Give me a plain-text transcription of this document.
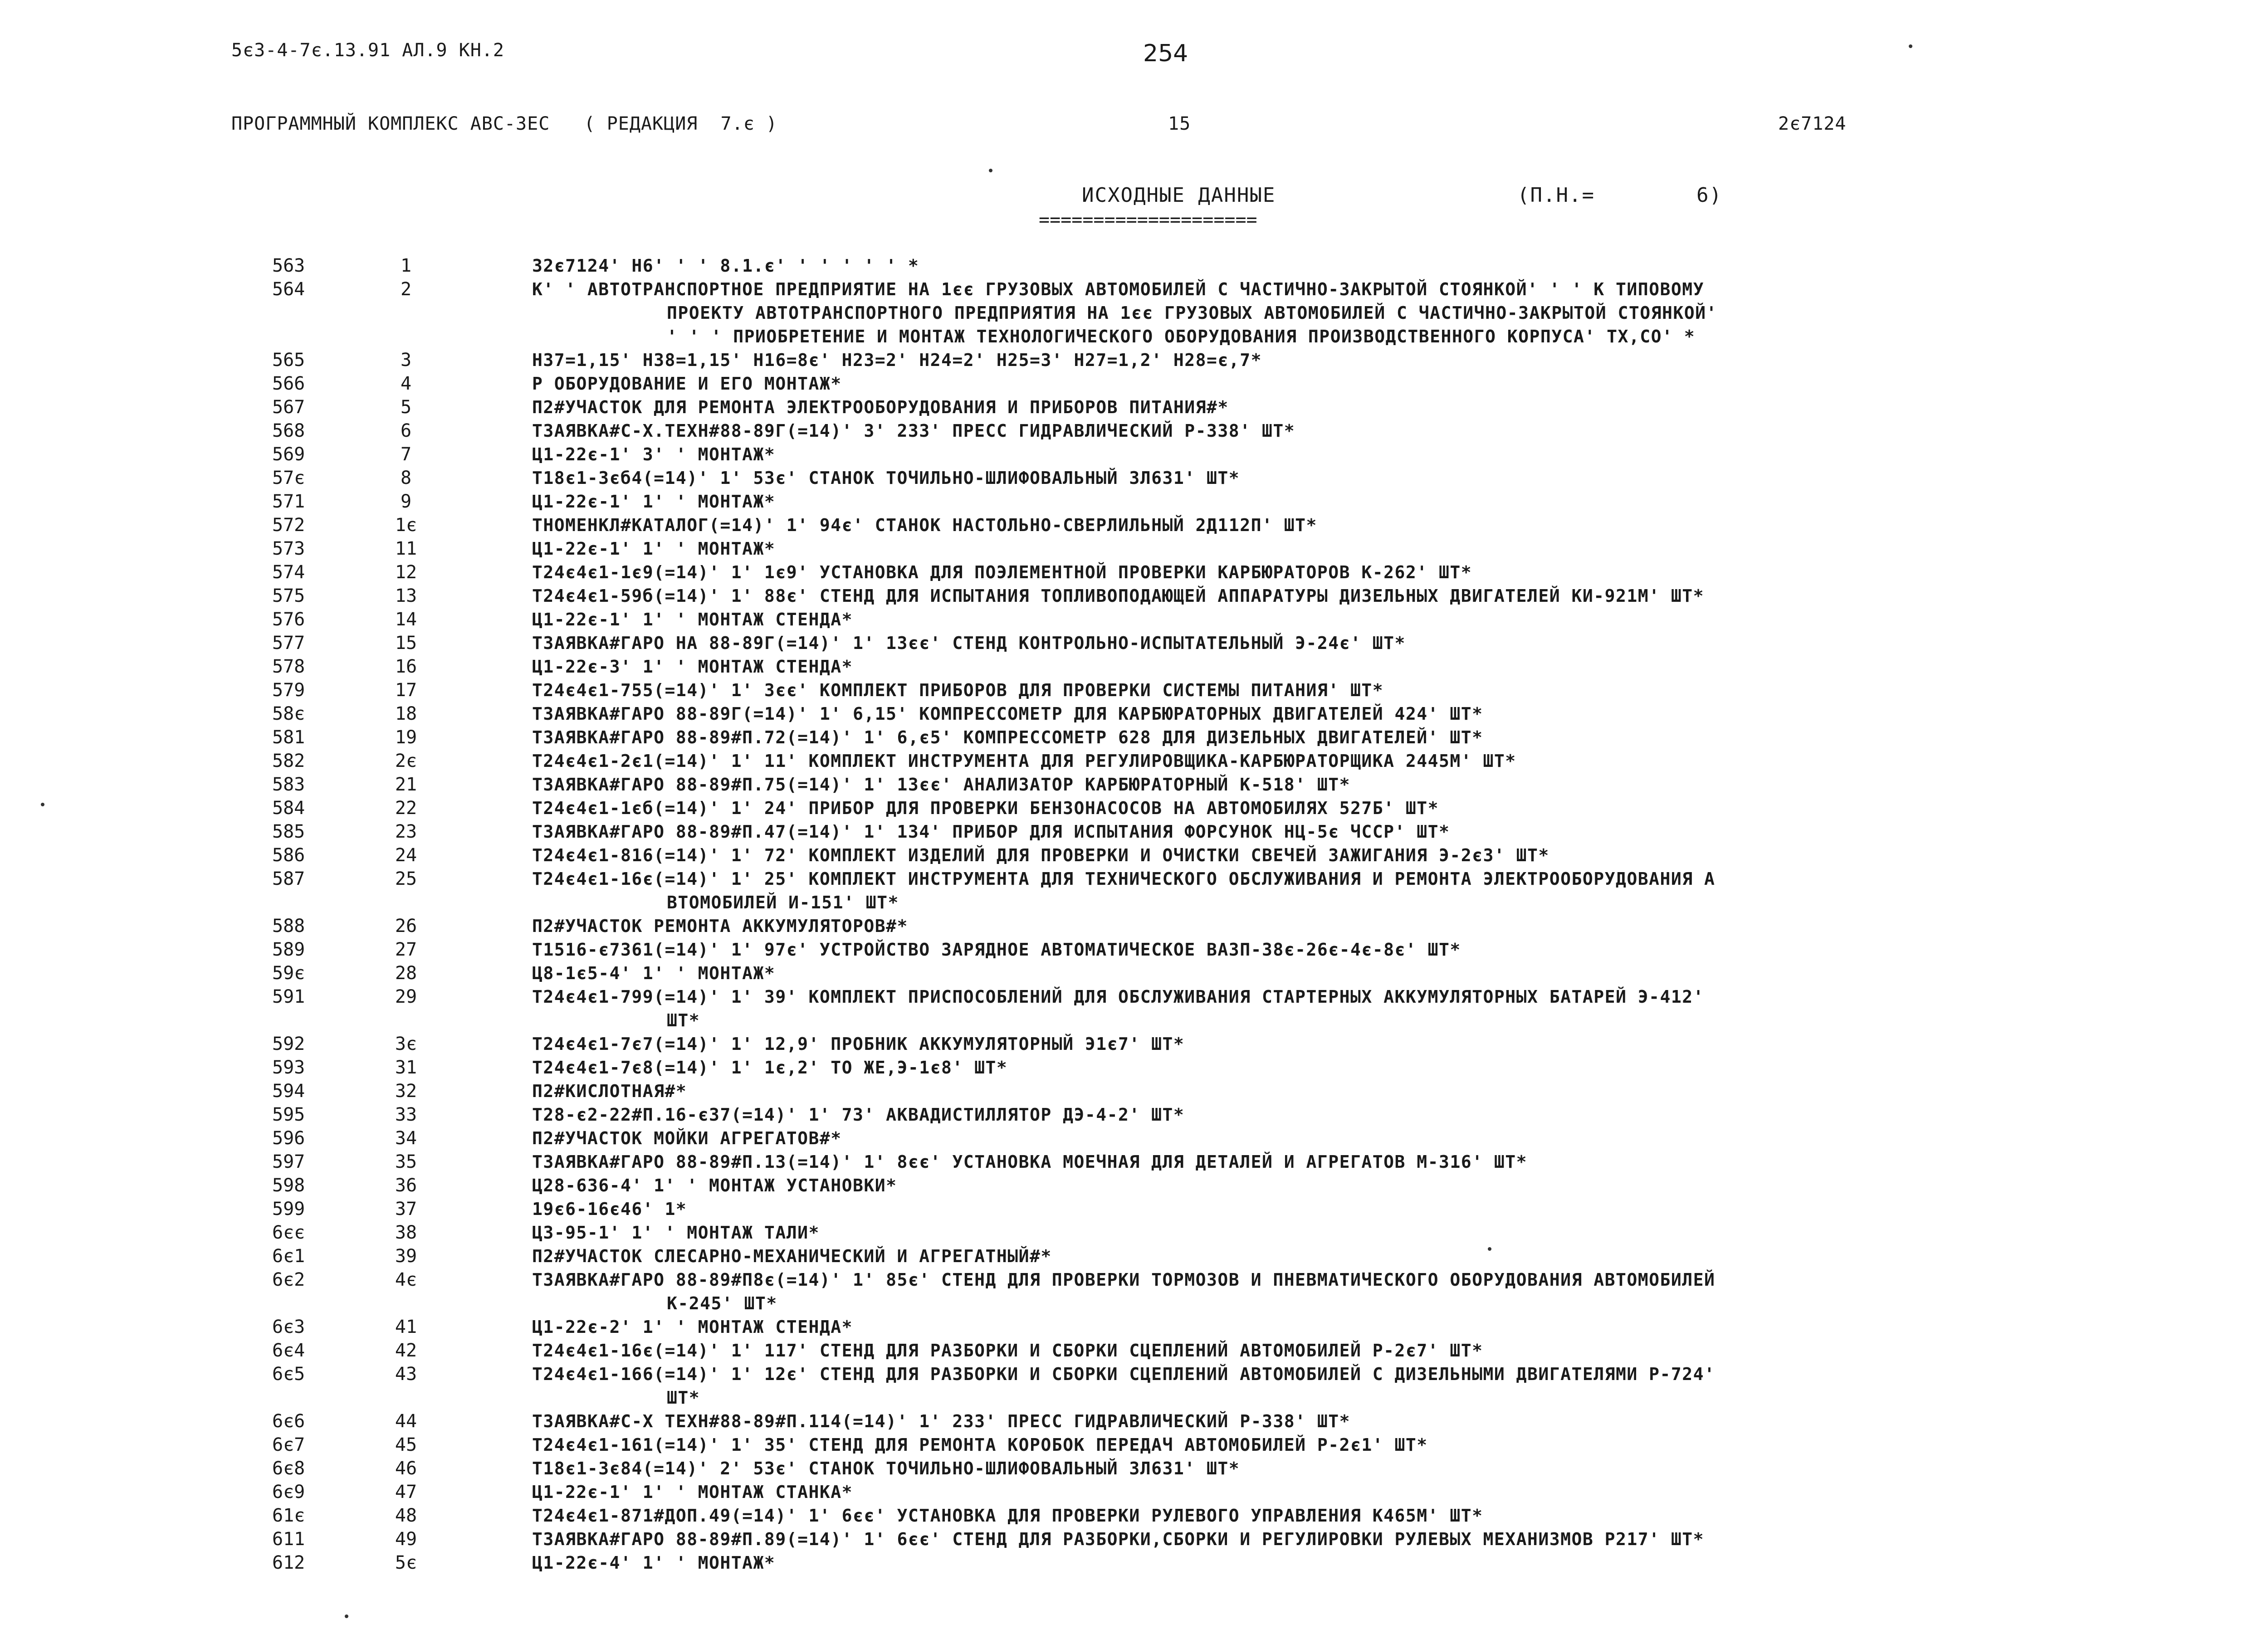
5є3-4-7є.13.91 АЛ.9 КН.2	254
ПРОГРАММНЫЙ КОМПЛЕКС АВС-3ЕС   ( РЕДАКЦИЯ  7.є )	15	2є7124
ИСХОДНЫЕ ДАННЫЕ
====================
(П.Н.=	6)
563	1	32є7124' Н6' ' ' 8.1.є' ' ' ' ' ' *
564	2	К' ' АВТОТРАНСПОРТНОЕ ПРЕДПРИЯТИЕ НА 1єє ГРУЗОВЫХ АВТОМОБИЛЕЙ С ЧАСТИЧНО-ЗАКРЫТОЙ СТОЯНКОЙ' ' ' К ТИПОВОМУ
ПРОЕКТУ АВТОТРАНСПОРТНОГО ПРЕДПРИЯТИЯ НА 1єє ГРУЗОВЫХ АВТОМОБИЛЕЙ С ЧАСТИЧНО-ЗАКРЫТОЙ СТОЯНКОЙ'
' ' ' ПРИОБРЕТЕНИЕ И МОНТАЖ ТЕХНОЛОГИЧЕСКОГО ОБОРУДОВАНИЯ ПРОИЗВОДСТВЕННОГО КОРПУСА' ТХ,СО' *
565	3	Н37=1,15' Н38=1,15' Н16=8є' Н23=2' Н24=2' Н25=3' Н27=1,2' Н28=є,7*
566	4	Р ОБОРУДОВАНИЕ И ЕГО МОНТАЖ*
567	5	П2#УЧАСТОК ДЛЯ РЕМОНТА ЭЛЕКТРООБОРУДОВАНИЯ И ПРИБОРОВ ПИТАНИЯ#*
568	6	Т3АЯВКА#С-Х.ТЕХН#88-89Г(=14)' 3' 233' ПРЕСС ГИДРАВЛИЧЕСКИЙ Р-338' ШТ*
569	7	Ц1-22є-1' 3' ' МОНТАЖ*
57є	8	Т18є1-3єб4(=14)' 1' 53є' СТАНОК ТОЧИЛЬНО-ШЛИФОВАЛЬНЫЙ 3Л631' ШТ*
571	9	Ц1-22є-1' 1' ' МОНТАЖ*
572	1є	ТНОМЕНКЛ#КАТАЛОГ(=14)' 1' 94є' СТАНОК НАСТОЛЬНО-СВЕРЛИЛЬНЫЙ 2Д112П' ШТ*
573	11	Ц1-22є-1' 1' ' МОНТАЖ*
574	12	Т24є4є1-1є9(=14)' 1' 1є9' УСТАНОВКА ДЛЯ ПОЭЛЕМЕНТНОЙ ПРОВЕРКИ КАРБЮРАТОРОВ К-262' ШТ*
575	13	Т24є4є1-59б(=14)' 1' 88є' СТЕНД ДЛЯ ИСПЫТАНИЯ ТОПЛИВОПОДАЮЩЕЙ АППАРАТУРЫ ДИЗЕЛЬНЫХ ДВИГАТЕЛЕЙ КИ-921М' ШТ*
576	14	Ц1-22є-1' 1' ' МОНТАЖ СТЕНДА*
577	15	Т3АЯВКА#ГАРО НА 88-89Г(=14)' 1' 13єє' СТЕНД КОНТРОЛЬНО-ИСПЫТАТЕЛЬНЫЙ Э-24є' ШТ*
578	16	Ц1-22є-3' 1' ' МОНТАЖ СТЕНДА*
579	17	Т24є4є1-755(=14)' 1' 3єє' КОМПЛЕКТ ПРИБОРОВ ДЛЯ ПРОВЕРКИ СИСТЕМЫ ПИТАНИЯ' ШТ*
58є	18	Т3АЯВКА#ГАРО 88-89Г(=14)' 1' 6,15' КОМПРЕССОМЕТР ДЛЯ КАРБЮРАТОРНЫХ ДВИГАТЕЛЕЙ 424' ШТ*
581	19	Т3АЯВКА#ГАРО 88-89#П.72(=14)' 1' 6,є5' КОМПРЕССОМЕТР 628 ДЛЯ ДИЗЕЛЬНЫХ ДВИГАТЕЛЕЙ' ШТ*
582	2є	Т24є4є1-2є1(=14)' 1' 11' КОМПЛЕКТ ИНСТРУМЕНТА ДЛЯ РЕГУЛИРОВЩИКА-КАРБЮРАТОРЩИКА 2445М' ШТ*
583	21	Т3АЯВКА#ГАРО 88-89#П.75(=14)' 1' 13єє' АНАЛИЗАТОР КАРБЮРАТОРНЫЙ К-518' ШТ*
584	22	Т24є4є1-1єб(=14)' 1' 24' ПРИБОР ДЛЯ ПРОВЕРКИ БЕНЗОНАСОСОВ НА АВТОМОБИЛЯХ 527Б' ШТ*
585	23	Т3АЯВКА#ГАРО 88-89#П.47(=14)' 1' 134' ПРИБОР ДЛЯ ИСПЫТАНИЯ ФОРСУНОК НЦ-5є ЧССР' ШТ*
586	24	Т24є4є1-816(=14)' 1' 72' КОМПЛЕКТ ИЗДЕЛИЙ ДЛЯ ПРОВЕРКИ И ОЧИСТКИ СВЕЧЕЙ ЗАЖИГАНИЯ Э-2є3' ШТ*
587	25	Т24є4є1-16є(=14)' 1' 25' КОМПЛЕКТ ИНСТРУМЕНТА ДЛЯ ТЕХНИЧЕСКОГО ОБСЛУЖИВАНИЯ И РЕМОНТА ЭЛЕКТРООБОРУДОВАНИЯ А
ВТОМОБИЛЕЙ И-151' ШТ*
588	26	П2#УЧАСТОК РЕМОНТА АККУМУЛЯТОРОВ#*
589	27	Т1516-є7361(=14)' 1' 97є' УСТРОЙСТВО ЗАРЯДНОЕ АВТОМАТИЧЕСКОЕ ВАЗП-38є-26є-4є-8є' ШТ*
59є	28	Ц8-1є5-4' 1' ' МОНТАЖ*
591	29	Т24є4є1-799(=14)' 1' 39' КОМПЛЕКТ ПРИСПОСОБЛЕНИЙ ДЛЯ ОБСЛУЖИВАНИЯ СТАРТЕРНЫХ АККУМУЛЯТОРНЫХ БАТАРЕЙ Э-412'
ШТ*
592	3є	Т24є4є1-7є7(=14)' 1' 12,9' ПРОБНИК АККУМУЛЯТОРНЫЙ Э1є7' ШТ*
593	31	Т24є4є1-7є8(=14)' 1' 1є,2' ТО ЖЕ,Э-1є8' ШТ*
594	32	П2#КИСЛОТНАЯ#*
595	33	Т28-є2-22#П.16-є37(=14)' 1' 73' АКВАДИСТИЛЛЯТОР ДЭ-4-2' ШТ*
596	34	П2#УЧАСТОК МОЙКИ АГРЕГАТОВ#*
597	35	Т3АЯВКА#ГАРО 88-89#П.13(=14)' 1' 8єє' УСТАНОВКА МОЕЧНАЯ ДЛЯ ДЕТАЛЕЙ И АГРЕГАТОВ М-316' ШТ*
598	36	Ц28-636-4' 1' ' МОНТАЖ УСТАНОВКИ*
599	37	19є6-16є46' 1*
6єє	38	Ц3-95-1' 1' ' МОНТАЖ ТАЛИ*
6є1	39	П2#УЧАСТОК СЛЕСАРНО-МЕХАНИЧЕСКИЙ И АГРЕГАТНЫЙ#*
6є2	4є	Т3АЯВКА#ГАРО 88-89#П8є(=14)' 1' 85є' СТЕНД ДЛЯ ПРОВЕРКИ ТОРМОЗОВ И ПНЕВМАТИЧЕСКОГО ОБОРУДОВАНИЯ АВТОМОБИЛЕЙ
К-245' ШТ*
6є3	41	Ц1-22є-2' 1' ' МОНТАЖ СТЕНДА*
6є4	42	Т24є4є1-16є(=14)' 1' 117' СТЕНД ДЛЯ РАЗБОРКИ И СБОРКИ СЦЕПЛЕНИЙ АВТОМОБИЛЕЙ Р-2є7' ШТ*
6є5	43	Т24є4є1-166(=14)' 1' 12є' СТЕНД ДЛЯ РАЗБОРКИ И СБОРКИ СЦЕПЛЕНИЙ АВТОМОБИЛЕЙ С ДИЗЕЛЬНЫМИ ДВИГАТЕЛЯМИ Р-724'
ШТ*
6є6	44	Т3АЯВКА#С-Х ТЕХН#88-89#П.114(=14)' 1' 233' ПРЕСС ГИДРАВЛИЧЕСКИЙ Р-338' ШТ*
6є7	45	Т24є4є1-161(=14)' 1' 35' СТЕНД ДЛЯ РЕМОНТА КОРОБОК ПЕРЕДАЧ АВТОМОБИЛЕЙ Р-2є1' ШТ*
6є8	46	Т18є1-3є84(=14)' 2' 53є' СТАНОК ТОЧИЛЬНО-ШЛИФОВАЛЬНЫЙ 3Л631' ШТ*
6є9	47	Ц1-22є-1' 1' ' МОНТАЖ СТАНКА*
61є	48	Т24є4є1-871#ДОП.49(=14)' 1' 6єє' УСТАНОВКА ДЛЯ ПРОВЕРКИ РУЛЕВОГО УПРАВЛЕНИЯ К465М' ШТ*
611	49	Т3АЯВКА#ГАРО 88-89#П.89(=14)' 1' 6єє' СТЕНД ДЛЯ РАЗБОРКИ,СБОРКИ И РЕГУЛИРОВКИ РУЛЕВЫХ МЕХАНИЗМОВ Р217' ШТ*
612	5є	Ц1-22є-4' 1' ' МОНТАЖ*
